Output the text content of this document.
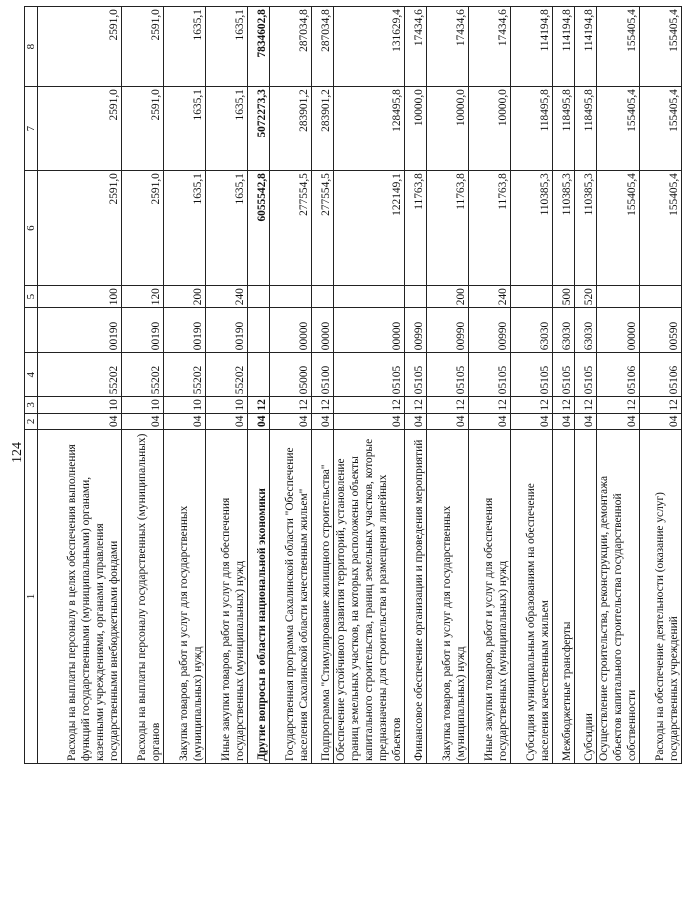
124
1	2	3	4		5	6	7	8
Расходы на выплаты персоналу в целях обеспечения выполнения функций государственными (муниципальными) органами, казенными учреждениями, органами управления государственными внебюджетными фондами	04	10	55202	00190	100	2591,0	2591,0	2591,0
Расходы на выплаты персоналу государственных (муниципальных) органов	04	10	55202	00190	120	2591,0	2591,0	2591,0
Закупка товаров, работ и услуг для государственных (муниципальных) нужд	04	10	55202	00190	200	1635,1	1635,1	1635,1
Иные закупки товаров, работ и услуг для обеспечения государственных (муниципальных) нужд	04	10	55202	00190	240	1635,1	1635,1	1635,1
Другие вопросы в области национальной экономики	04	12				6055542,8	5072273,3	7834602,8
Государственная программа Сахалинской области "Обеспечение населения Сахалинской области качественным жильем"	04	12	05000	00000		277554,5	283901,2	287034,8
Подпрограмма "Стимулирование жилищного строительства"	04	12	05100	00000		277554,5	283901,2	287034,8
Обеспечение устойчивого развития территорий, установление границ земельных участков, на которых расположены объекты капитального строительства, границ земельных участков, которые предназначены для строительства и размещения линейных объектов	04	12	05105	00000		122149,1	128495,8	131629,4
Финансовое обеспечение организации и проведения мероприятий	04	12	05105	00990		11763,8	10000,0	17434,6
Закупка товаров, работ и услуг для государственных (муниципальных) нужд	04	12	05105	00990	200	11763,8	10000,0	17434,6
Иные закупки товаров, работ и услуг для обеспечения государственных (муниципальных) нужд	04	12	05105	00990	240	11763,8	10000,0	17434,6
Субсидия муниципальным образованиям на обеспечение населения качественным жильем	04	12	05105	63030		110385,3	118495,8	114194,8
Межбюджетные трансферты	04	12	05105	63030	500	110385,3	118495,8	114194,8
Субсидии	04	12	05105	63030	520	110385,3	118495,8	114194,8
Осуществление строительства, реконструкции, демонтажа объектов капитального строительства государственной собственности	04	12	05106	00000		155405,4	155405,4	155405,4
Расходы на обеспечение деятельности (оказание услуг) государственных учреждений	04	12	05106	00590		155405,4	155405,4	155405,4
